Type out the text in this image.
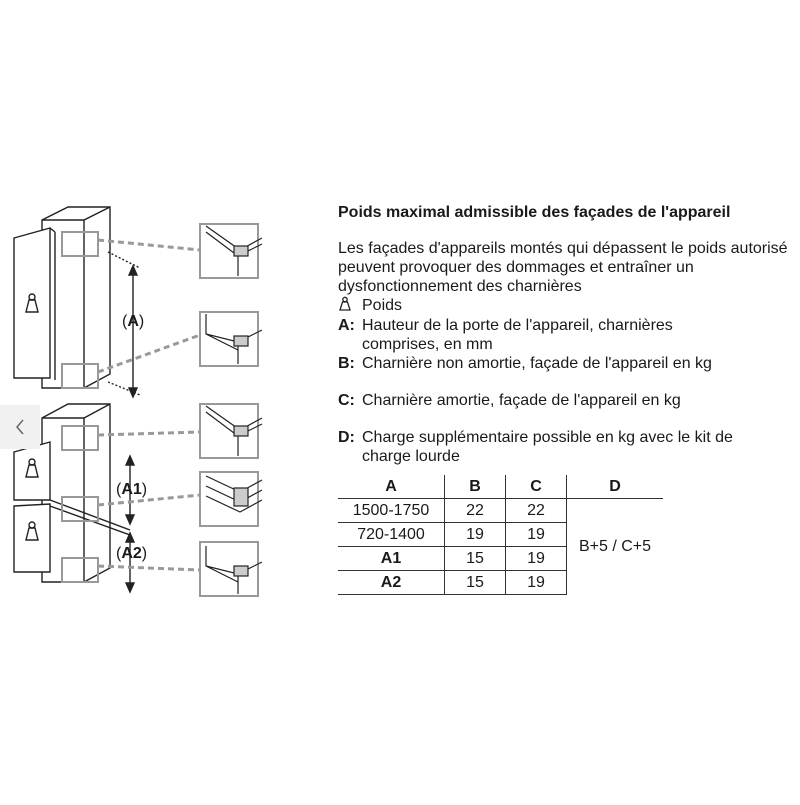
(A)
(A1)
(A2)
Poids maximal admissible des façades de l'appareil
Les façades d'appareils montés qui dépassent le poids autorisé peuvent provoquer des dommages et entraîner un dysfonctionnement des charnières
Poids
A: Hauteur de la porte de l'appareil, charnières
comprises, en mm
B: Charnière non amortie, façade de l'appareil en kg
C: Charnière amortie, façade de l'appareil en kg
D: Charge supplémentaire possible en kg avec le kit de
charge lourde
A	B	C	D
1500-1750	22	22	B+5 / C+5
720-1400	19	19	
A1	15	19	
A2	15	19	
